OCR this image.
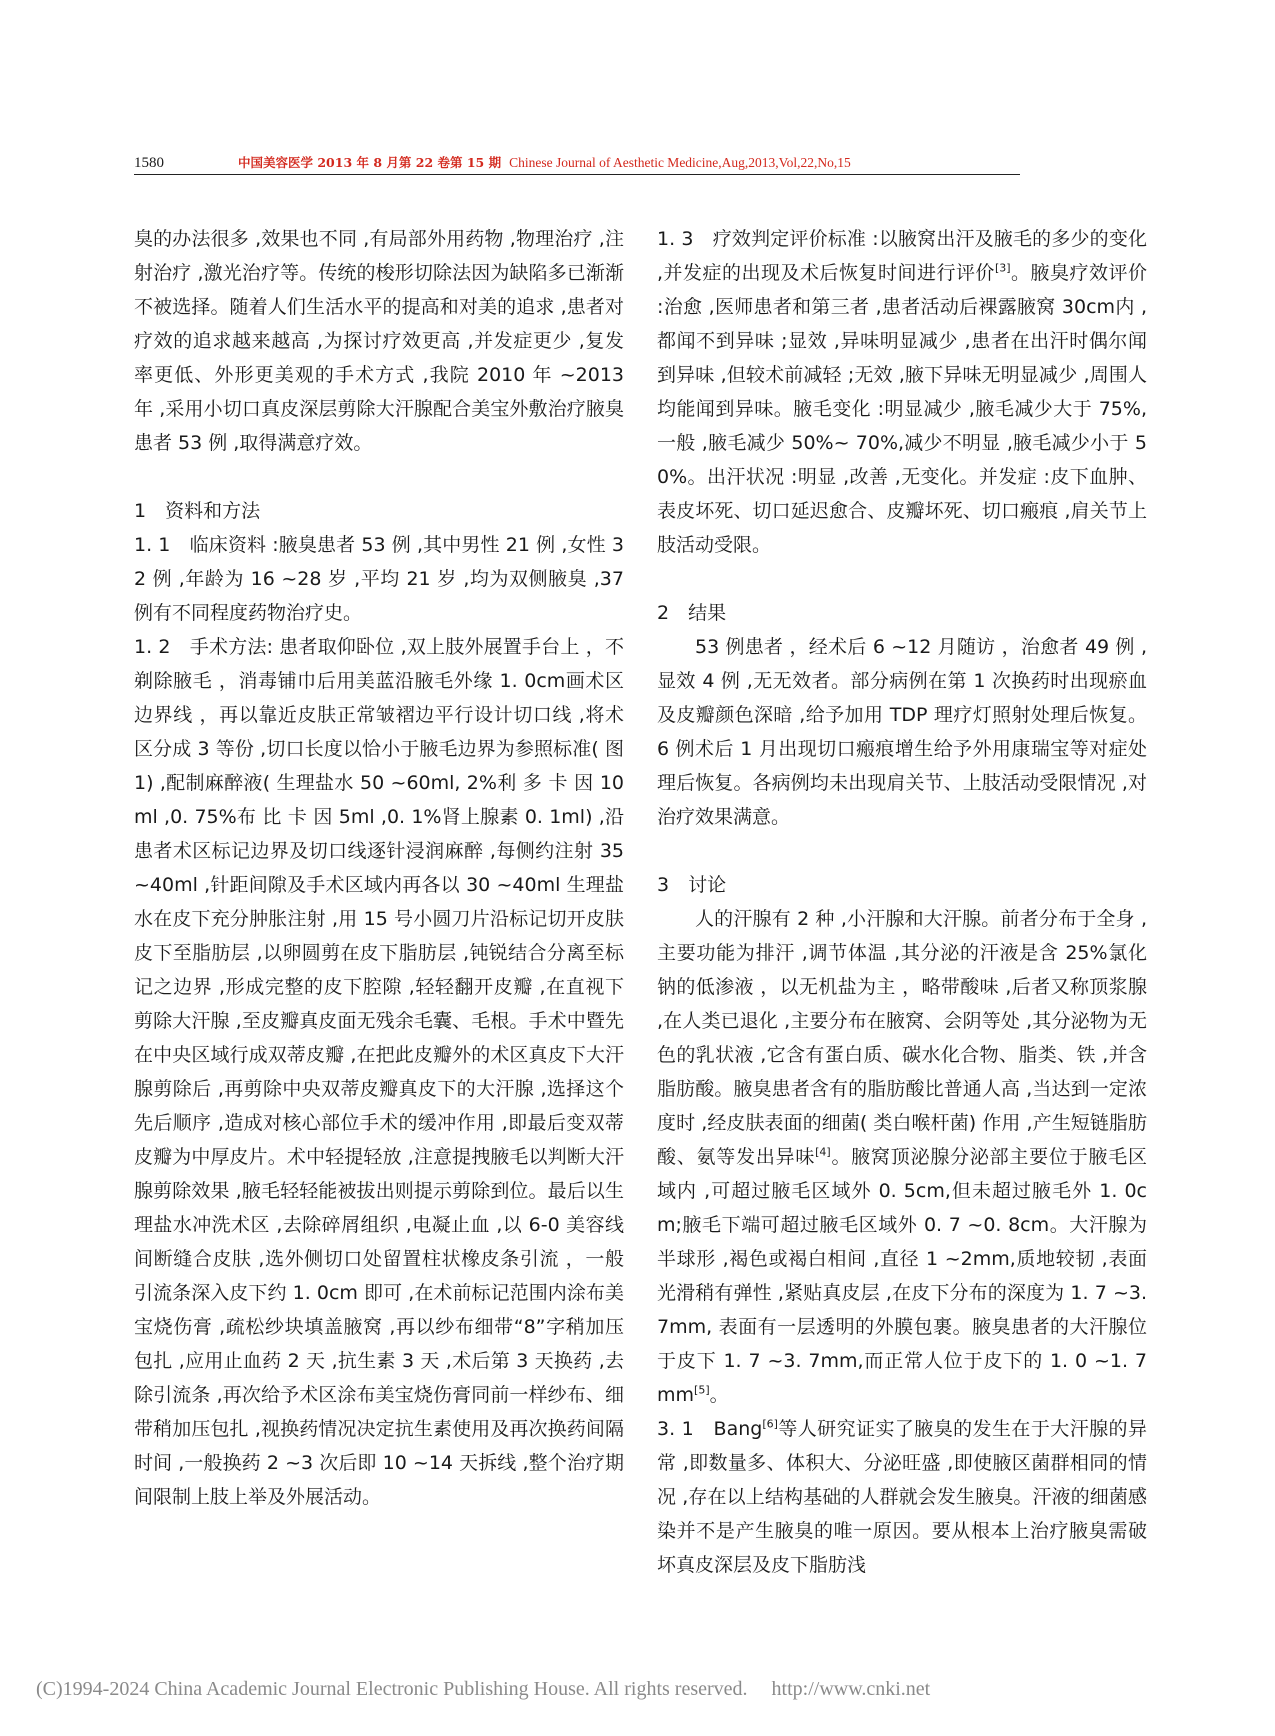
1580	中国美容医学 2013 年 8 月第 22 卷第 15 期 Chinese Journal of Aesthetic Medicine,Aug,2013,Vol,22,No,15

臭的办法很多 ,效果也不同 ,有局部外用药物 ,物理治疗 ,注射治疗 ,激光治疗等。传统的梭形切除法因为缺陷多已渐渐不被选择。随着人们生活水平的提高和对美的追求 ,患者对疗效的追求越来越高 ,为探讨疗效更高 ,并发症更少 ,复发率更低、外形更美观的手术方式 ,我院 2010 年 ~2013 年 ,采用小切口真皮深层剪除大汗腺配合美宝外敷治疗腋臭患者 53 例 ,取得满意疗效。

1　资料和方法

1. 1　临床资料 :腋臭患者 53 例 ,其中男性 21 例 ,女性 32 例 ,年龄为 16 ~28 岁 ,平均 21 岁 ,均为双侧腋臭 ,37 例有不同程度药物治疗史。

1. 2　手术方法: 患者取仰卧位 ,双上肢外展置手台上 ，不剃除腋毛 ，消毒铺巾后用美蓝沿腋毛外缘 1. 0cm画术区边界线 ，再以靠近皮肤正常皱褶边平行设计切口线 ,将术区分成 3 等份 ,切口长度以恰小于腋毛边界为参照标准( 图 1) ,配制麻醉液( 生理盐水 50 ~60ml, 2%利 多 卡 因 10ml ,0. 75%布 比 卡 因 5ml ,0. 1%肾上腺素 0. 1ml) ,沿患者术区标记边界及切口线逐针浸润麻醉 ,每侧约注射 35 ~40ml ,针距间隙及手术区域内再各以 30 ~40ml 生理盐水在皮下充分肿胀注射 ,用 15 号小圆刀片沿标记切开皮肤皮下至脂肪层 ,以卵圆剪在皮下脂肪层 ,钝锐结合分离至标记之边界 ,形成完整的皮下腔隙 ,轻轻翻开皮瓣 ,在直视下剪除大汗腺 ,至皮瓣真皮面无残余毛囊、毛根。手术中暨先在中央区域行成双蒂皮瓣 ,在把此皮瓣外的术区真皮下大汗腺剪除后 ,再剪除中央双蒂皮瓣真皮下的大汗腺 ,选择这个先后顺序 ,造成对核心部位手术的缓冲作用 ,即最后变双蒂皮瓣为中厚皮片。术中轻提轻放 ,注意提拽腋毛以判断大汗腺剪除效果 ,腋毛轻轻能被拔出则提示剪除到位。最后以生理盐水冲洗术区 ,去除碎屑组织 ,电凝止血 ,以 6-0 美容线间断缝合皮肤 ,选外侧切口处留置柱状橡皮条引流 ，一般引流条深入皮下约 1. 0cm 即可 ,在术前标记范围内涂布美宝烧伤膏 ,疏松纱块填盖腋窝 ,再以纱布细带“8”字稍加压包扎 ,应用止血药 2 天 ,抗生素 3 天 ,术后第 3 天换药 ,去除引流条 ,再次给予术区涂布美宝烧伤膏同前一样纱布、细带稍加压包扎 ,视换药情况决定抗生素使用及再次换药间隔时间 ,一般换药 2 ~3 次后即 10 ~14 天拆线 ,整个治疗期间限制上肢上举及外展活动。

1. 3　疗效判定评价标准 :以腋窝出汗及腋毛的多少的变化 ,并发症的出现及术后恢复时间进行评价[3]。腋臭疗效评价 :治愈 ,医师患者和第三者 ,患者活动后裸露腋窝 30cm内 ,都闻不到异味 ;显效 ,异味明显减少 ,患者在出汗时偶尔闻到异味 ,但较术前减轻 ;无效 ,腋下异味无明显减少 ,周围人均能闻到异味。腋毛变化 :明显减少 ,腋毛减少大于 75%,一般 ,腋毛减少 50%~ 70%,减少不明显 ,腋毛减少小于 50%。出汗状况 :明显 ,改善 ,无变化。并发症 :皮下血肿、表皮坏死、切口延迟愈合、皮瓣坏死、切口瘢痕 ,肩关节上肢活动受限。

2　结果

53 例患者 ，经术后 6 ~12 月随访 ，治愈者 49 例 ,显效 4 例 ,无无效者。部分病例在第 1 次换药时出现瘀血及皮瓣颜色深暗 ,给予加用 TDP 理疗灯照射处理后恢复。6 例术后 1 月出现切口瘢痕增生给予外用康瑞宝等对症处理后恢复。各病例均未出现肩关节、上肢活动受限情况 ,对治疗效果满意。

3　讨论

人的汗腺有 2 种 ,小汗腺和大汗腺。前者分布于全身 ,主要功能为排汗 ,调节体温 ,其分泌的汗液是含 25%氯化钠的低渗液 ，以无机盐为主 ，略带酸味 ,后者又称顶浆腺 ,在人类已退化 ,主要分布在腋窝、会阴等处 ,其分泌物为无色的乳状液 ,它含有蛋白质、碳水化合物、脂类、铁 ,并含脂肪酸。腋臭患者含有的脂肪酸比普通人高 ,当达到一定浓度时 ,经皮肤表面的细菌( 类白喉杆菌) 作用 ,产生短链脂肪酸、氨等发出异味[4]。腋窝顶泌腺分泌部主要位于腋毛区域内 ,可超过腋毛区域外 0. 5cm,但未超过腋毛外 1. 0cm;腋毛下端可超过腋毛区域外 0. 7 ~0. 8cm。大汗腺为半球形 ,褐色或褐白相间 ,直径 1 ~2mm,质地较韧 ,表面光滑稍有弹性 ,紧贴真皮层 ,在皮下分布的深度为 1. 7 ~3. 7mm, 表面有一层透明的外膜包裹。腋臭患者的大汗腺位于皮下 1. 7 ~3. 7mm,而正常人位于皮下的 1. 0 ~1. 7mm[5]。

3. 1　Bang[6]等人研究证实了腋臭的发生在于大汗腺的异常 ,即数量多、体积大、分泌旺盛 ,即使腋区菌群相同的情况 ,存在以上结构基础的人群就会发生腋臭。汗液的细菌感染并不是产生腋臭的唯一原因。要从根本上治疗腋臭需破坏真皮深层及皮下脂肪浅

(C)1994-2024 China Academic Journal Electronic Publishing House. All rights reserved. http://www.cnki.net
